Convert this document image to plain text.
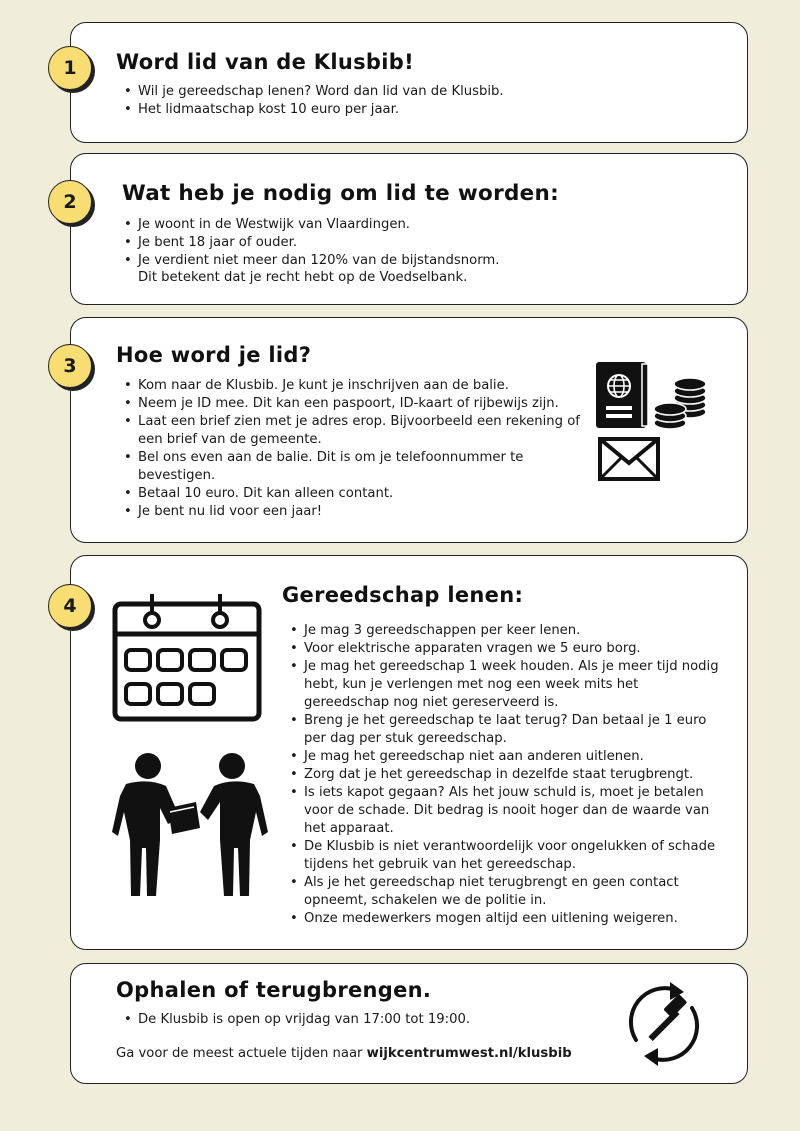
1	Word lid van de Klusbib!
• Wil je gereedschap lenen? Word dan lid van de Klusbib.
• Het lidmaatschap kost 10 euro per jaar.
2	Wat heb je nodig om lid te worden:
• Je woont in de Westwijk van Vlaardingen.
• Je bent 18 jaar of ouder.
• Je verdient niet meer dan 120% van de bijstandsnorm.
Dit betekent dat je recht hebt op de Voedselbank.
3	Hoe word je lid?
• Kom naar de Klusbib. Je kunt je inschrijven aan de balie.
• Neem je ID mee. Dit kan een paspoort, ID-kaart of rijbewijs zijn.
• Laat een brief zien met je adres erop. Bijvoorbeeld een rekening of een brief van de gemeente.
• Bel ons even aan de balie. Dit is om je telefoonnummer te bevestigen.
• Betaal 10 euro. Dit kan alleen contant.
• Je bent nu lid voor een jaar!
4	Gereedschap lenen:
• Je mag 3 gereedschappen per keer lenen.
• Voor elektrische apparaten vragen we 5 euro borg.
• Je mag het gereedschap 1 week houden. Als je meer tijd nodig hebt, kun je verlengen met nog een week mits het gereedschap nog niet gereserveerd is.
• Breng je het gereedschap te laat terug? Dan betaal je 1 euro per dag per stuk gereedschap.
• Je mag het gereedschap niet aan anderen uitlenen.
• Zorg dat je het gereedschap in dezelfde staat terugbrengt.
• Is iets kapot gegaan? Als het jouw schuld is, moet je betalen voor de schade. Dit bedrag is nooit hoger dan de waarde van het apparaat.
• De Klusbib is niet verantwoordelijk voor ongelukken of schade tijdens het gebruik van het gereedschap.
• Als je het gereedschap niet terugbrengt en geen contact opneemt, schakelen we de politie in.
• Onze medewerkers mogen altijd een uitlening weigeren.
Ophalen of terugbrengen.
• De Klusbib is open op vrijdag van 17:00 tot 19:00.
Ga voor de meest actuele tijden naar wijkcentrumwest.nl/klusbib
